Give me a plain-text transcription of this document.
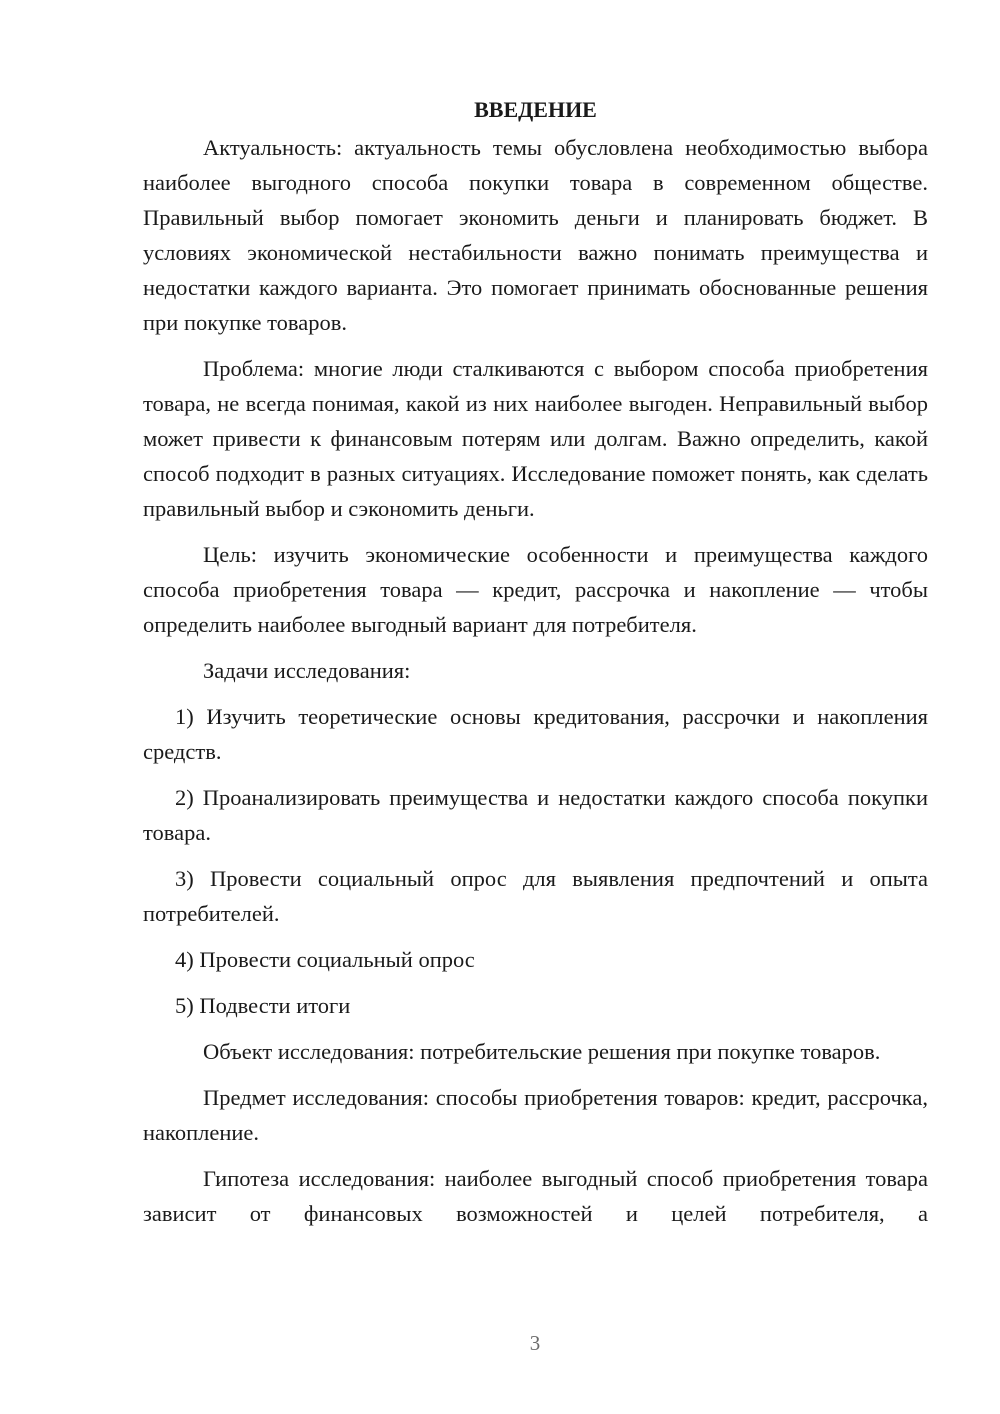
ВВЕДЕНИЕ

Актуальность: актуальность темы обусловлена необходимостью выбора наиболее выгодного способа покупки товара в современном обществе. Правильный выбор помогает экономить деньги и планировать бюджет. В условиях экономической нестабильности важно понимать преимущества и недостатки каждого варианта. Это помогает принимать обоснованные решения при покупке товаров.

Проблема: многие люди сталкиваются с выбором способа приобретения товара, не всегда понимая, какой из них наиболее выгоден. Неправильный выбор может привести к финансовым потерям или долгам. Важно определить, какой способ подходит в разных ситуациях. Исследование поможет понять, как сделать правильный выбор и сэкономить деньги.

Цель: изучить экономические особенности и преимущества каждого способа приобретения товара — кредит, рассрочка и накопление — чтобы определить наиболее выгодный вариант для потребителя.

Задачи исследования:

1) Изучить теоретические основы кредитования, рассрочки и накопления средств.

2) Проанализировать преимущества и недостатки каждого способа покупки товара.

3) Провести социальный опрос для выявления предпочтений и опыта потребителей.

4) Провести социальный опрос

5) Подвести итоги

Объект исследования: потребительские решения при покупке товаров.

Предмет исследования: способы приобретения товаров: кредит, рассрочка, накопление.

Гипотеза исследования: наиболее выгодный способ приобретения товара зависит от финансовых возможностей и целей потребителя, а

3
